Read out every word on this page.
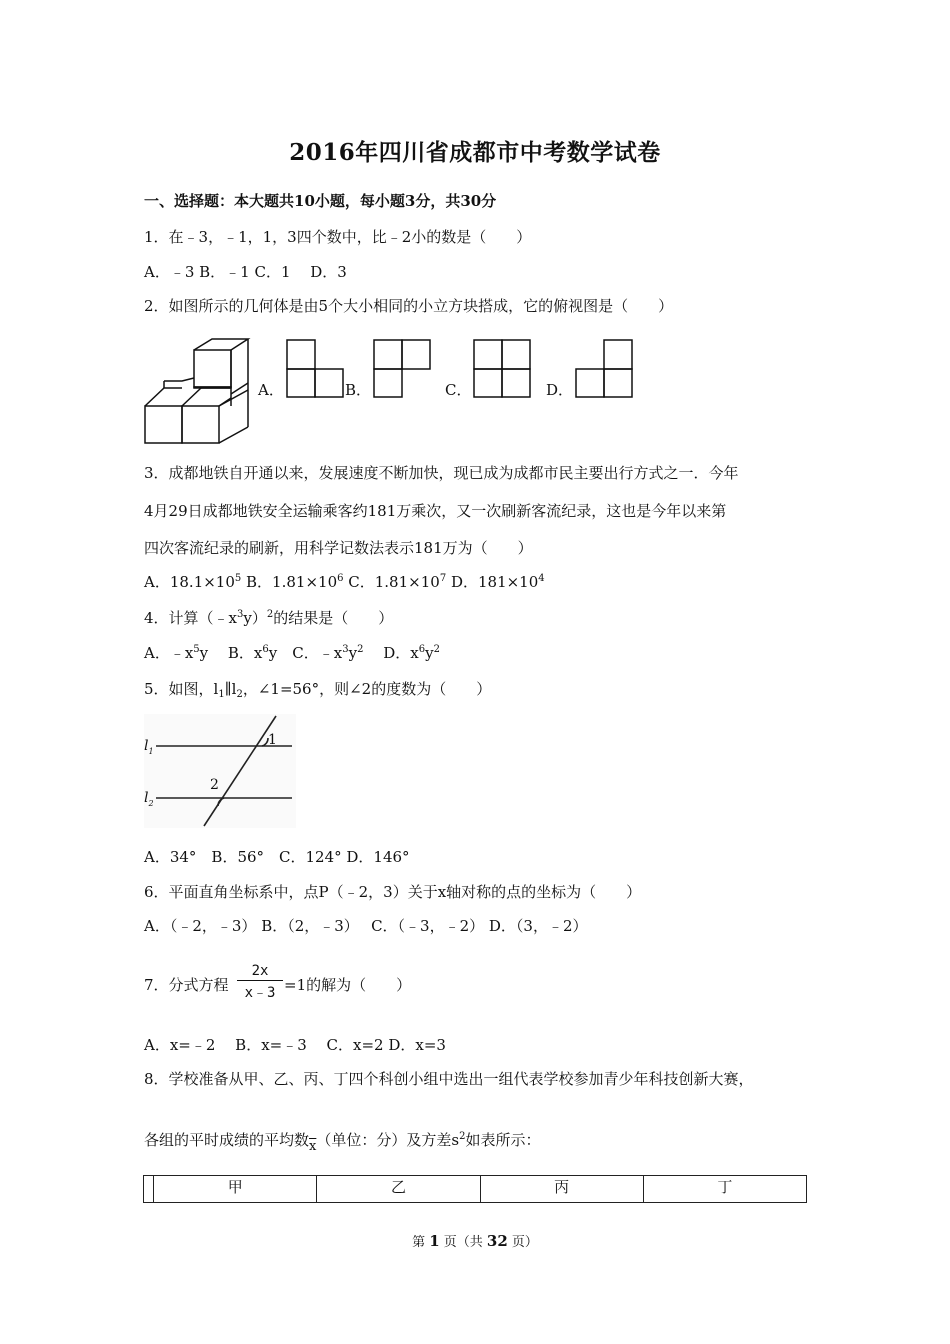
2016年四川省成都市中考数学试卷
一、选择题：本大题共10小题，每小题3分，共30分
1．在﹣3，﹣1，1，3四个数中，比﹣2小的数是（　　）
A．﹣3 B．﹣1 C．1　 D．3
2．如图所示的几何体是由5个大小相同的小立方块搭成，它的俯视图是（　　）
A．	B．	C．	D．
3．成都地铁自开通以来，发展速度不断加快，现已成为成都市民主要出行方式之一．今年
4月29日成都地铁安全运输乘客约181万乘次，又一次刷新客流纪录，这也是今年以来第
四次客流纪录的刷新，用科学记数法表示181万为（　　）
A．$18.1\times 10^5$ B．$1.81\times 10^6$ C．$1.81\times 10^7$ D．$181\times 10^4$
4．计算$(﹣x^3y)^2$的结果是（　　）
A．$﹣x^5y$　 B．$x^6y$　C．$﹣x^3y^2$　 D．$x^6y^2$
5．如图，$l_1\parallel l_2$，∠1=56°，则∠2的度数为（　　）
$l_1$
$l_2$
1
2
A．34°　B．56°　C．124° D．146°
6．平面直角坐标系中，点P（﹣2，3）关于x轴对称的点的坐标为（　　）
A．（﹣2，﹣3） B．（2，﹣3）　 C．（﹣3，﹣2） D．（3，﹣2）
7．分式方程 $\frac{2x}{x﹣3} =1$的解为（　　）
A．x=﹣2　 B．x=﹣3　 C．x=2 D．x=3
8．学校准备从甲、乙、丙、丁四个科创小组中选出一组代表学校参加青少年科技创新大赛，
各组的平时成绩的平均数$\overline{x}$（单位：分）及方差$s^2$如表所示：
	甲	乙	丙	丁
第 1 页（共 32 页）
